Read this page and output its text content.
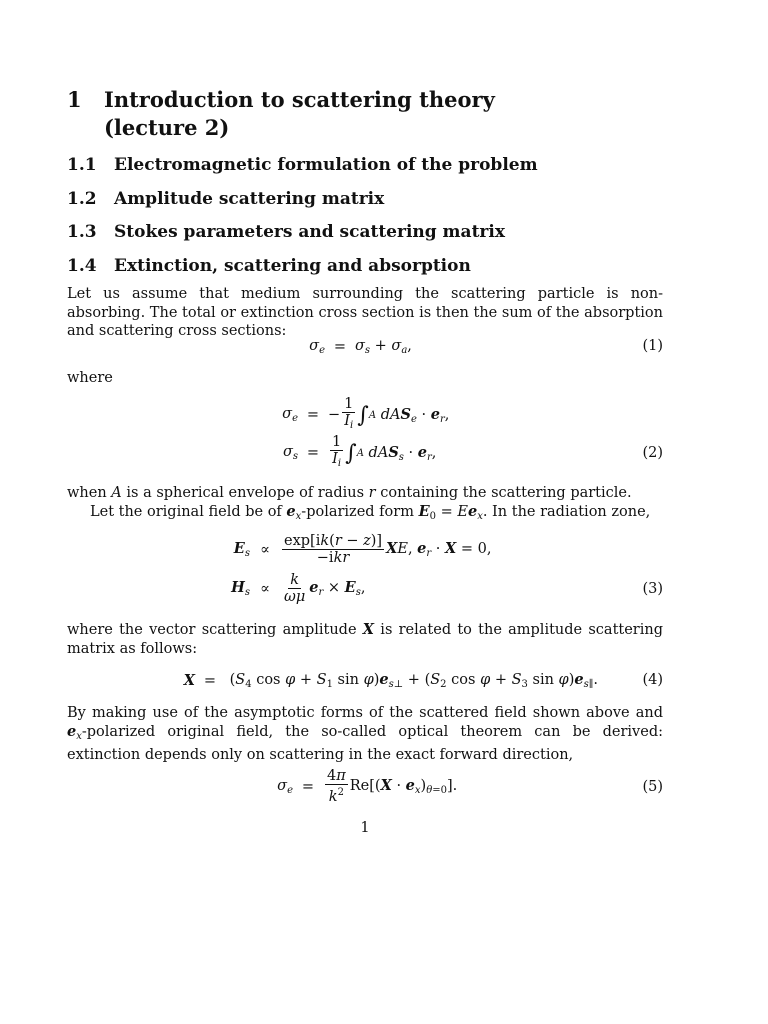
1 Introduction to scattering theory
(lecture 2)
1.1 Electromagnetic formulation of the problem
1.2 Amplitude scattering matrix
1.3 Stokes parameters and scattering matrix
1.4 Extinction, scattering and absorption
Let us assume that medium surrounding the scattering particle is non-absorbing. The total or extinction cross section is then the sum of the absorption and scattering cross sections:
$\sigma_e = \sigma_s + \sigma_a$,	(1)
where
$\sigma_e$ = − $\frac{1}{I_i}$ ∫ A $dAS_e \cdot e_r$,
$\sigma_s = \frac{1}{I_i}$ ∫ A $dAS_s \cdot e_r$,	(2)
when A is a spherical envelope of radius r containing the scattering particle.
Let the original field be of $e_x$-polarized form $E_0 = Ee_x$. In the radiation zone,
$E_s \propto \frac{\exp[ik(r - z)]}{\text{−ikr}}$ XE, $e_r \cdot X = 0$,
$H_s \propto \frac{k}{\omega\mu} e_r \times E_s$,	(3)
where the vector scattering amplitude X is related to the amplitude scattering matrix as follows:
$X = (S_4$ $\cos \varphi + S_1$ $\sin \varphi)e_{s\perp} + (S_2$ $\cos \varphi + S_3$ $\sin \varphi)e_{s\parallel}$.	(4)
By making use of the asymptotic forms of the scattered field shown above and $e_x$-polarized original field, the so-called optical theorem can be derived: extinction depends only on scattering in the exact forward direction,
$\sigma_e = \frac{4\pi}{k^2} Re[(X \cdot e_x)_{\theta=0}]$.	(5)
1
